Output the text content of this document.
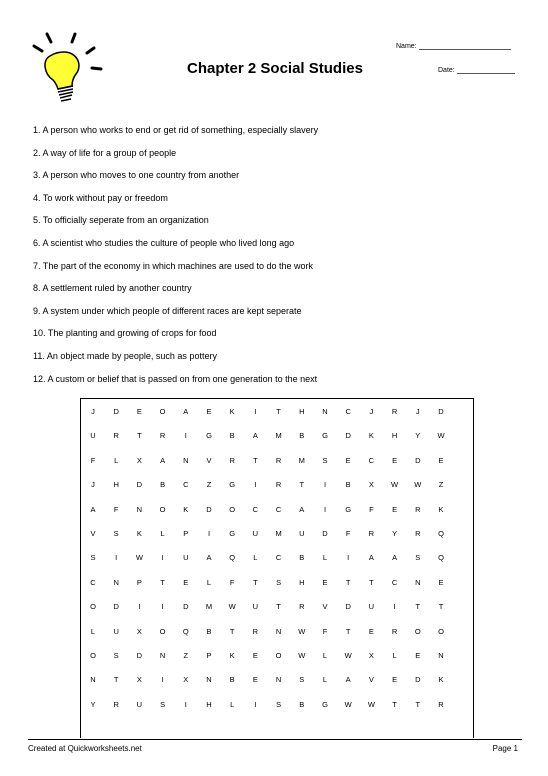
Chapter 2 Social Studies
Name:
Date:
1. A person who works to end or get rid of something, especially slavery
2. A way of life for a group of people
3. A person who moves to one country from another
4. To work without pay or freedom
5. To officially seperate from an organization
6. A scientist who studies the culture of people who lived long ago
7. The part of the economy in which machines are used to do the work
8. A settlement ruled by another country
9. A system under which people of different races are kept seperate
10. The planting and growing of crops for food
11. An object made by people, such as pottery
12. A custom or belief that is passed on from one generation to the next
J	D	E	O	A	E	K	I	T	H	N	C	J	R	J	D
U	R	T	R	I	G	B	A	M	B	G	D	K	H	Y	W
F	L	X	A	N	V	R	T	R	M	S	E	C	E	D	E
J	H	D	B	C	Z	G	I	R	T	I	B	X	W	W	Z
A	F	N	O	K	D	O	C	C	A	I	G	F	E	R	K
V	S	K	L	P	I	G	U	M	U	D	F	R	Y	R	Q
S	I	W	I	U	A	Q	L	C	B	L	I	A	A	S	Q
C	N	P	T	E	L	F	T	S	H	E	T	T	C	N	E
O	D	I	I	D	M	W	U	T	R	V	D	U	I	T	T
L	U	X	O	Q	B	T	R	N	W	F	T	E	R	O	O
O	S	D	N	Z	P	K	E	O	W	L	W	X	L	E	N
N	T	X	I	X	N	B	E	N	S	L	A	V	E	D	K
Y	R	U	S	I	H	L	I	S	B	G	W	W	T	T	R
Created at Quickworksheets.net	Page 1
